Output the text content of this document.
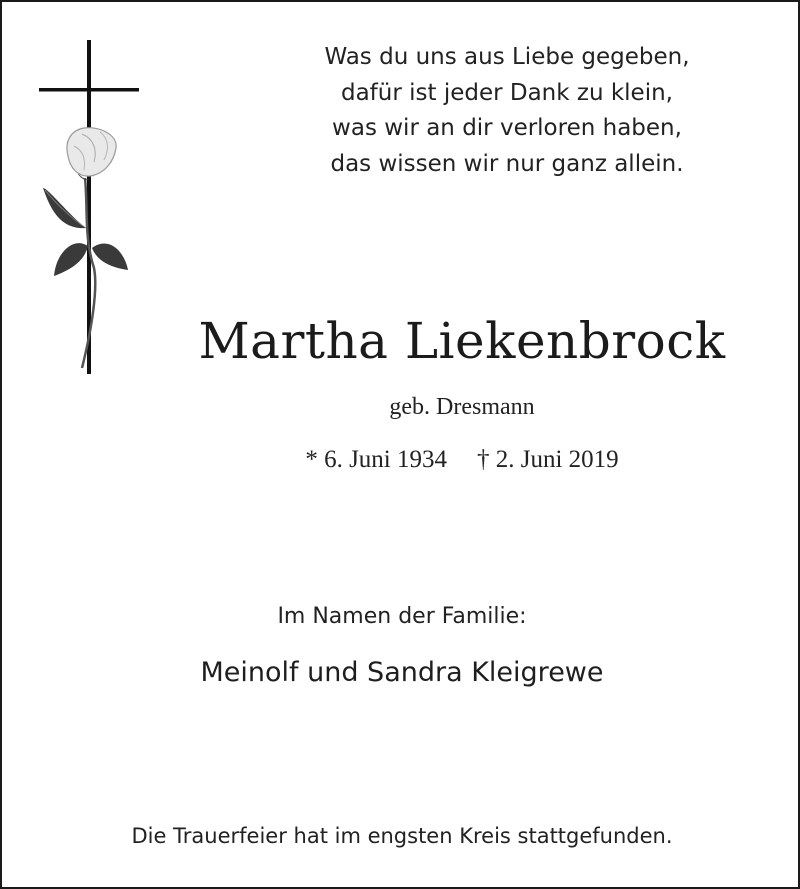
Was du uns aus Liebe gegeben,
dafür ist jeder Dank zu klein,
was wir an dir verloren haben,
das wissen wir nur ganz allein.
Martha Liekenbrock
geb. Dresmann
* 6. Juni 1934 † 2. Juni 2019
Im Namen der Familie:
Meinolf und Sandra Kleigrewe
Die Trauerfeier hat im engsten Kreis stattgefunden.
